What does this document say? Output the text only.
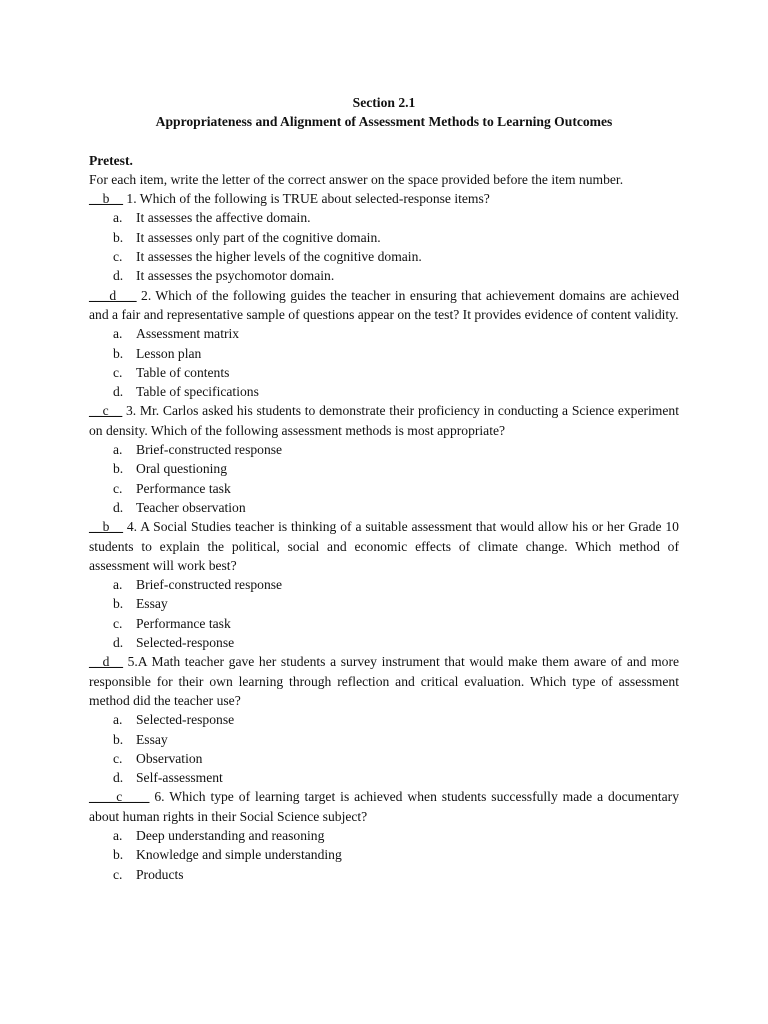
Section 2.1
Appropriateness and Alignment of Assessment Methods to Learning Outcomes
Pretest.
For each item, write the letter of the correct answer on the space provided before the item number.
__b__ 1. Which of the following is TRUE about selected-response items?
a. It assesses the affective domain.
b. It assesses only part of the cognitive domain.
c. It assesses the higher levels of the cognitive domain.
d. It assesses the psychomotor domain.
___d___ 2. Which of the following guides the teacher in ensuring that achievement domains are achieved and a fair and representative sample of questions appear on the test? It provides evidence of content validity.
a. Assessment matrix
b. Lesson plan
c. Table of contents
d. Table of specifications
__c__ 3. Mr. Carlos asked his students to demonstrate their proficiency in conducting a Science experiment on density. Which of the following assessment methods is most appropriate?
a. Brief-constructed response
b. Oral questioning
c. Performance task
d. Teacher observation
__b__ 4. A Social Studies teacher is thinking of a suitable assessment that would allow his or her Grade 10 students to explain the political, social and economic effects of climate change. Which method of assessment will work best?
a. Brief-constructed response
b. Essay
c. Performance task
d. Selected-response
__d__ 5.A Math teacher gave her students a survey instrument that would make them aware of and more responsible for their own learning through reflection and critical evaluation. Which type of assessment method did the teacher use?
a. Selected-response
b. Essay
c. Observation
d. Self-assessment
____c____ 6. Which type of learning target is achieved when students successfully made a documentary about human rights in their Social Science subject?
a. Deep understanding and reasoning
b. Knowledge and simple understanding
c. Products
